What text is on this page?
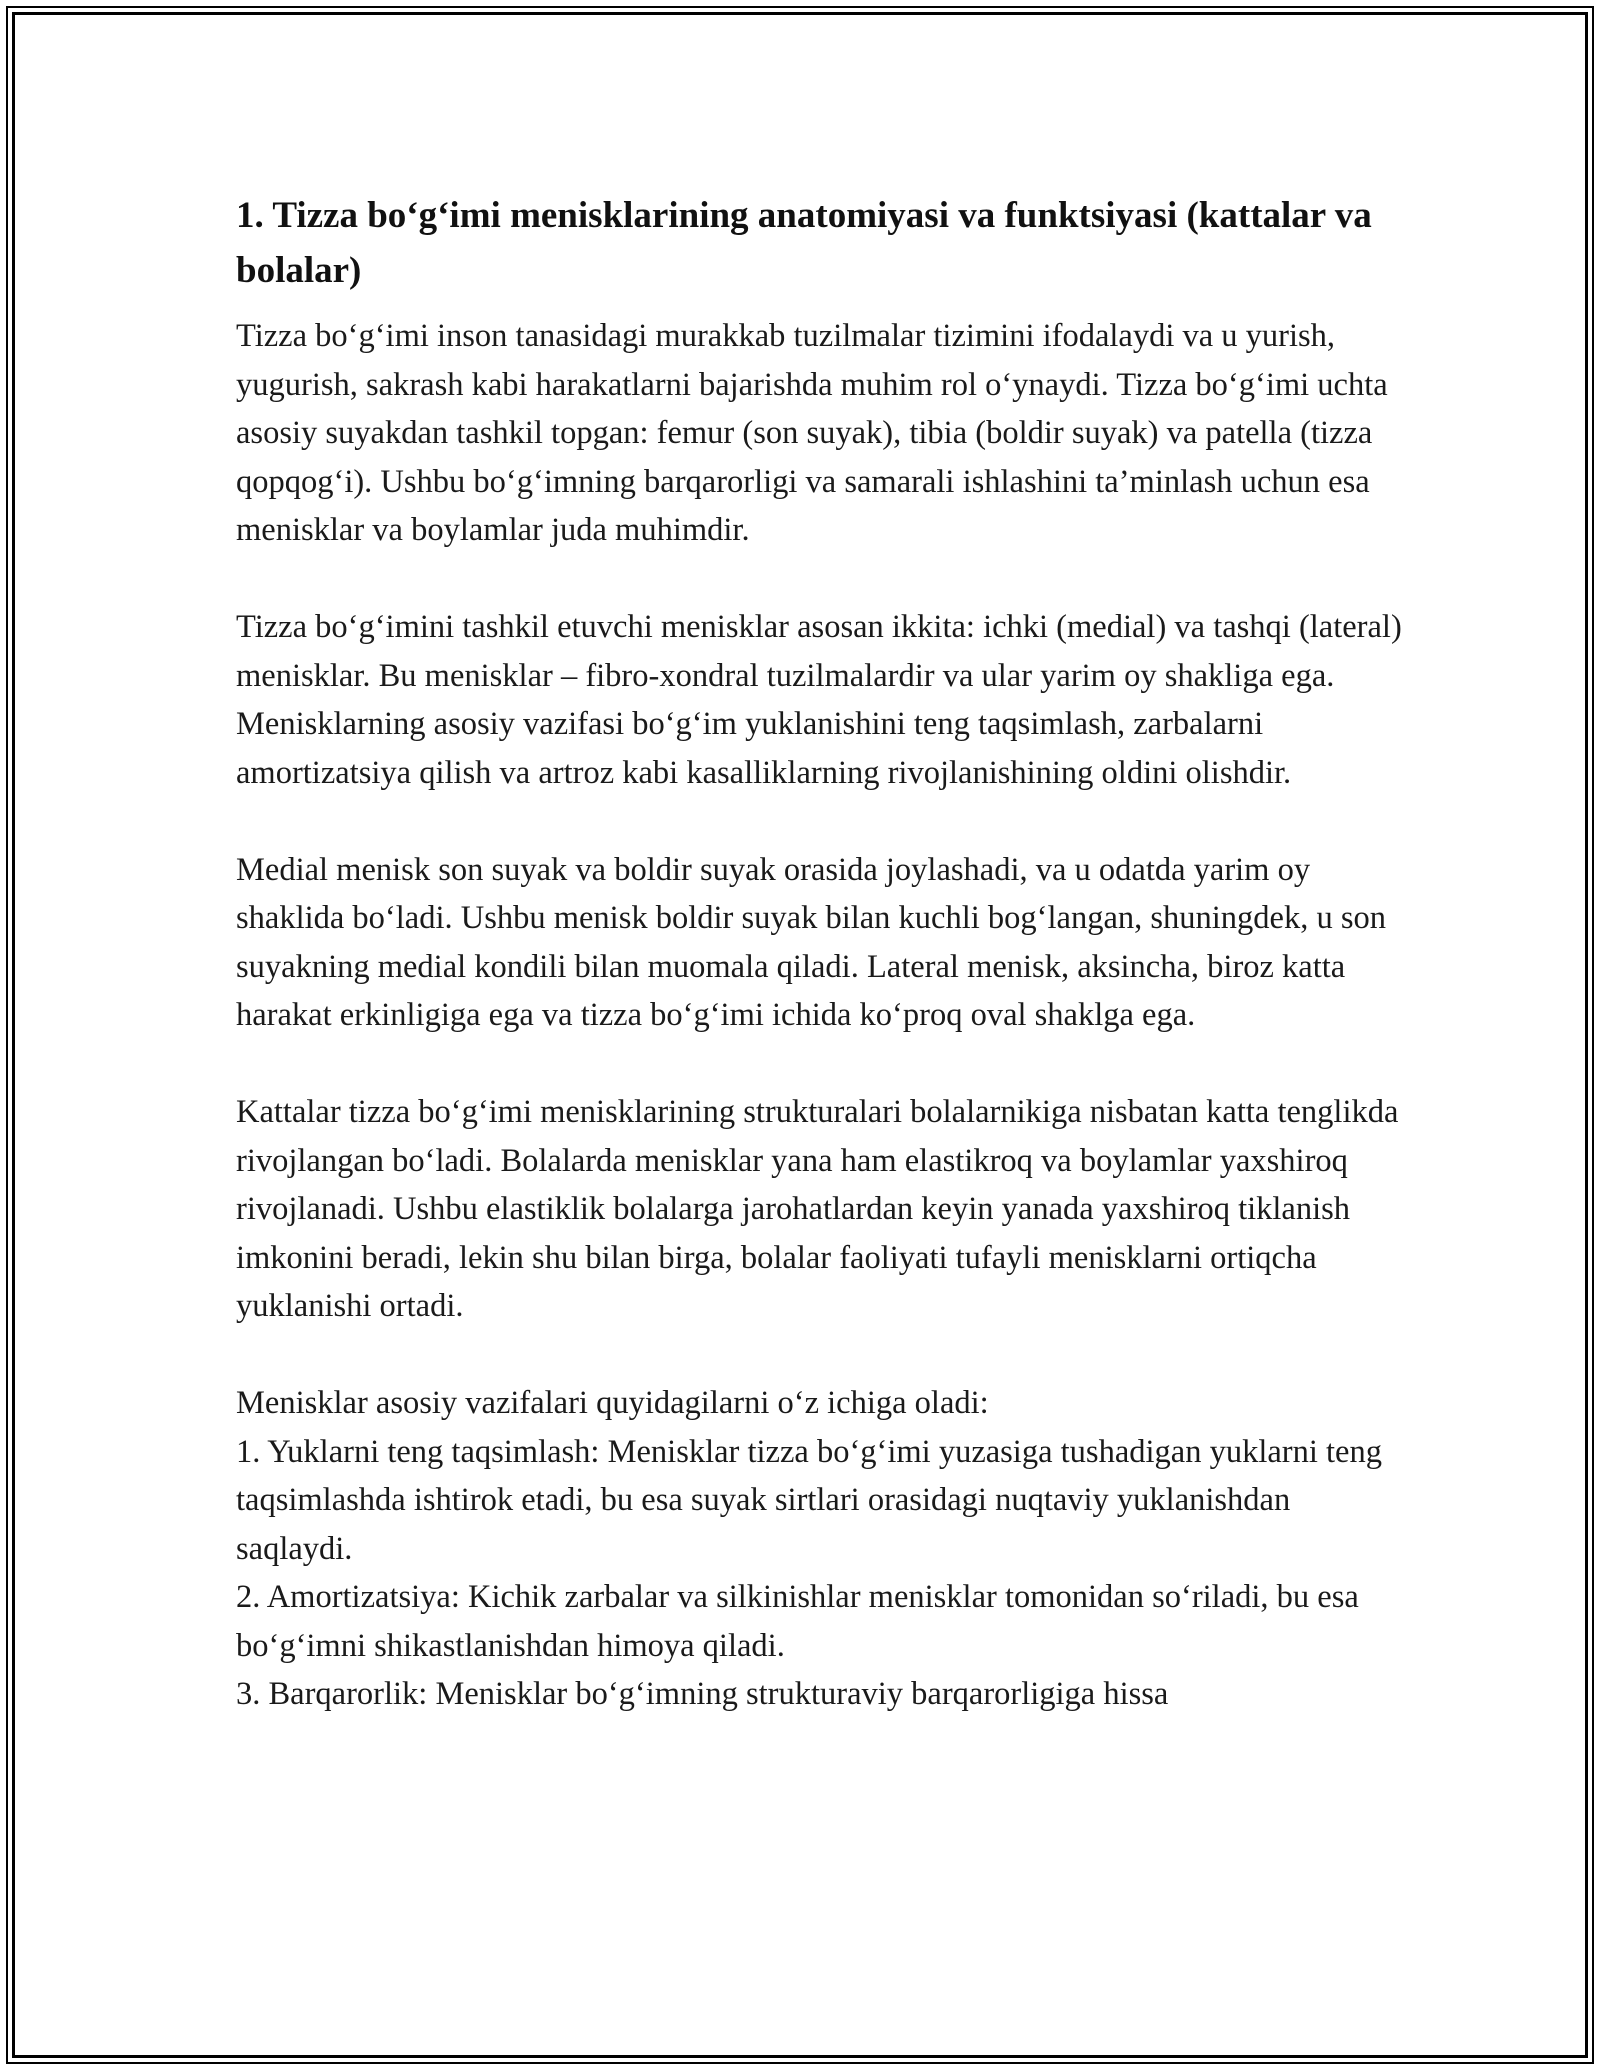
1. Tizza bo‘g‘imi menisklarining anatomiyasi va funktsiyasi (kattalar va bolalar)

Tizza bo‘g‘imi inson tanasidagi murakkab tuzilmalar tizimini ifodalaydi va u yurish, yugurish, sakrash kabi harakatlarni bajarishda muhim rol o‘ynaydi. Tizza bo‘g‘imi uchta asosiy suyakdan tashkil topgan: femur (son suyak), tibia (boldir suyak) va patella (tizza qopqog‘i). Ushbu bo‘g‘imning barqarorligi va samarali ishlashini ta’minlash uchun esa menisklar va boylamlar juda muhimdir.

Tizza bo‘g‘imini tashkil etuvchi menisklar asosan ikkita: ichki (medial) va tashqi (lateral) menisklar. Bu menisklar – fibro-xondral tuzilmalardir va ular yarim oy shakliga ega. Menisklarning asosiy vazifasi bo‘g‘im yuklanishini teng taqsimlash, zarbalarni amortizatsiya qilish va artroz kabi kasalliklarning rivojlanishining oldini olishdir.

Medial menisk son suyak va boldir suyak orasida joylashadi, va u odatda yarim oy shaklida bo‘ladi. Ushbu menisk boldir suyak bilan kuchli bog‘langan, shuningdek, u son suyakning medial kondili bilan muomala qiladi. Lateral menisk, aksincha, biroz katta harakat erkinligiga ega va tizza bo‘g‘imi ichida ko‘proq oval shaklga ega.

Kattalar tizza bo‘g‘imi menisklarining strukturalari bolalarnikiga nisbatan katta tenglikda rivojlangan bo‘ladi. Bolalarda menisklar yana ham elastikroq va boylamlar yaxshiroq rivojlanadi. Ushbu elastiklik bolalarga jarohatlardan keyin yanada yaxshiroq tiklanish imkonini beradi, lekin shu bilan birga, bolalar faoliyati tufayli menisklarni ortiqcha yuklanishi ortadi.

Menisklar asosiy vazifalari quyidagilarni o‘z ichiga oladi:

1. Yuklarni teng taqsimlash: Menisklar tizza bo‘g‘imi yuzasiga tushadigan yuklarni teng taqsimlashda ishtirok etadi, bu esa suyak sirtlari orasidagi nuqtaviy yuklanishdan saqlaydi.
2. Amortizatsiya: Kichik zarbalar va silkinishlar menisklar tomonidan so‘riladi, bu esa bo‘g‘imni shikastlanishdan himoya qiladi.
3. Barqarorlik: Menisklar bo‘g‘imning strukturaviy barqarorligiga hissa
